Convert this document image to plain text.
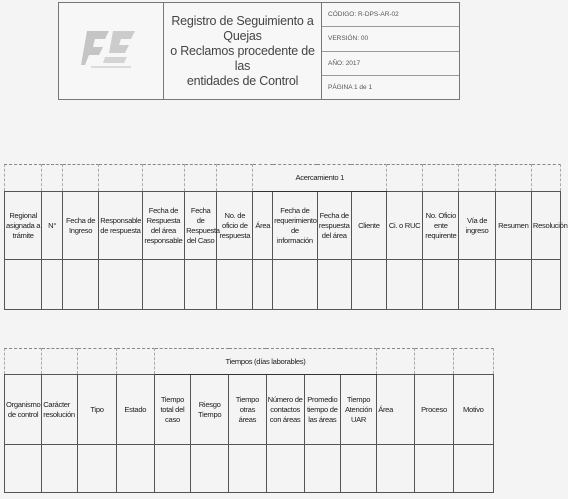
Registro de Seguimiento a Quejas
o Reclamos procedente de las
entidades de Control
CÓDIGO: R-DPS-AR-02
VERSIÓN: 00
AÑO: 2017
PÁGINA 1 de 1
							Acercamiento 1								
Regional asignada a trámite	N°	Fecha de Ingreso	Responsable de respuesta	Fecha de Respuesta del área responsable	Fecha de Respuesta del Caso	No. de oficio de respuesta	Área	Fecha de requerimiento de información	Fecha de respuesta del área	Cliente	Ci. o RUC	No. Oficio ente requirente	Vía de ingreso	Resumen	Resolución

				Tiempos (días laborables)								
Organismo de control	Carácter resolución	Tipo	Estado	Tiempo total del caso	Riesgo Tiempo	Tiempo otras áreas	Número de contactos con áreas	Promedio tiempo de las áreas	Tiempo Atención UAR	Área	Proceso	Motivo
